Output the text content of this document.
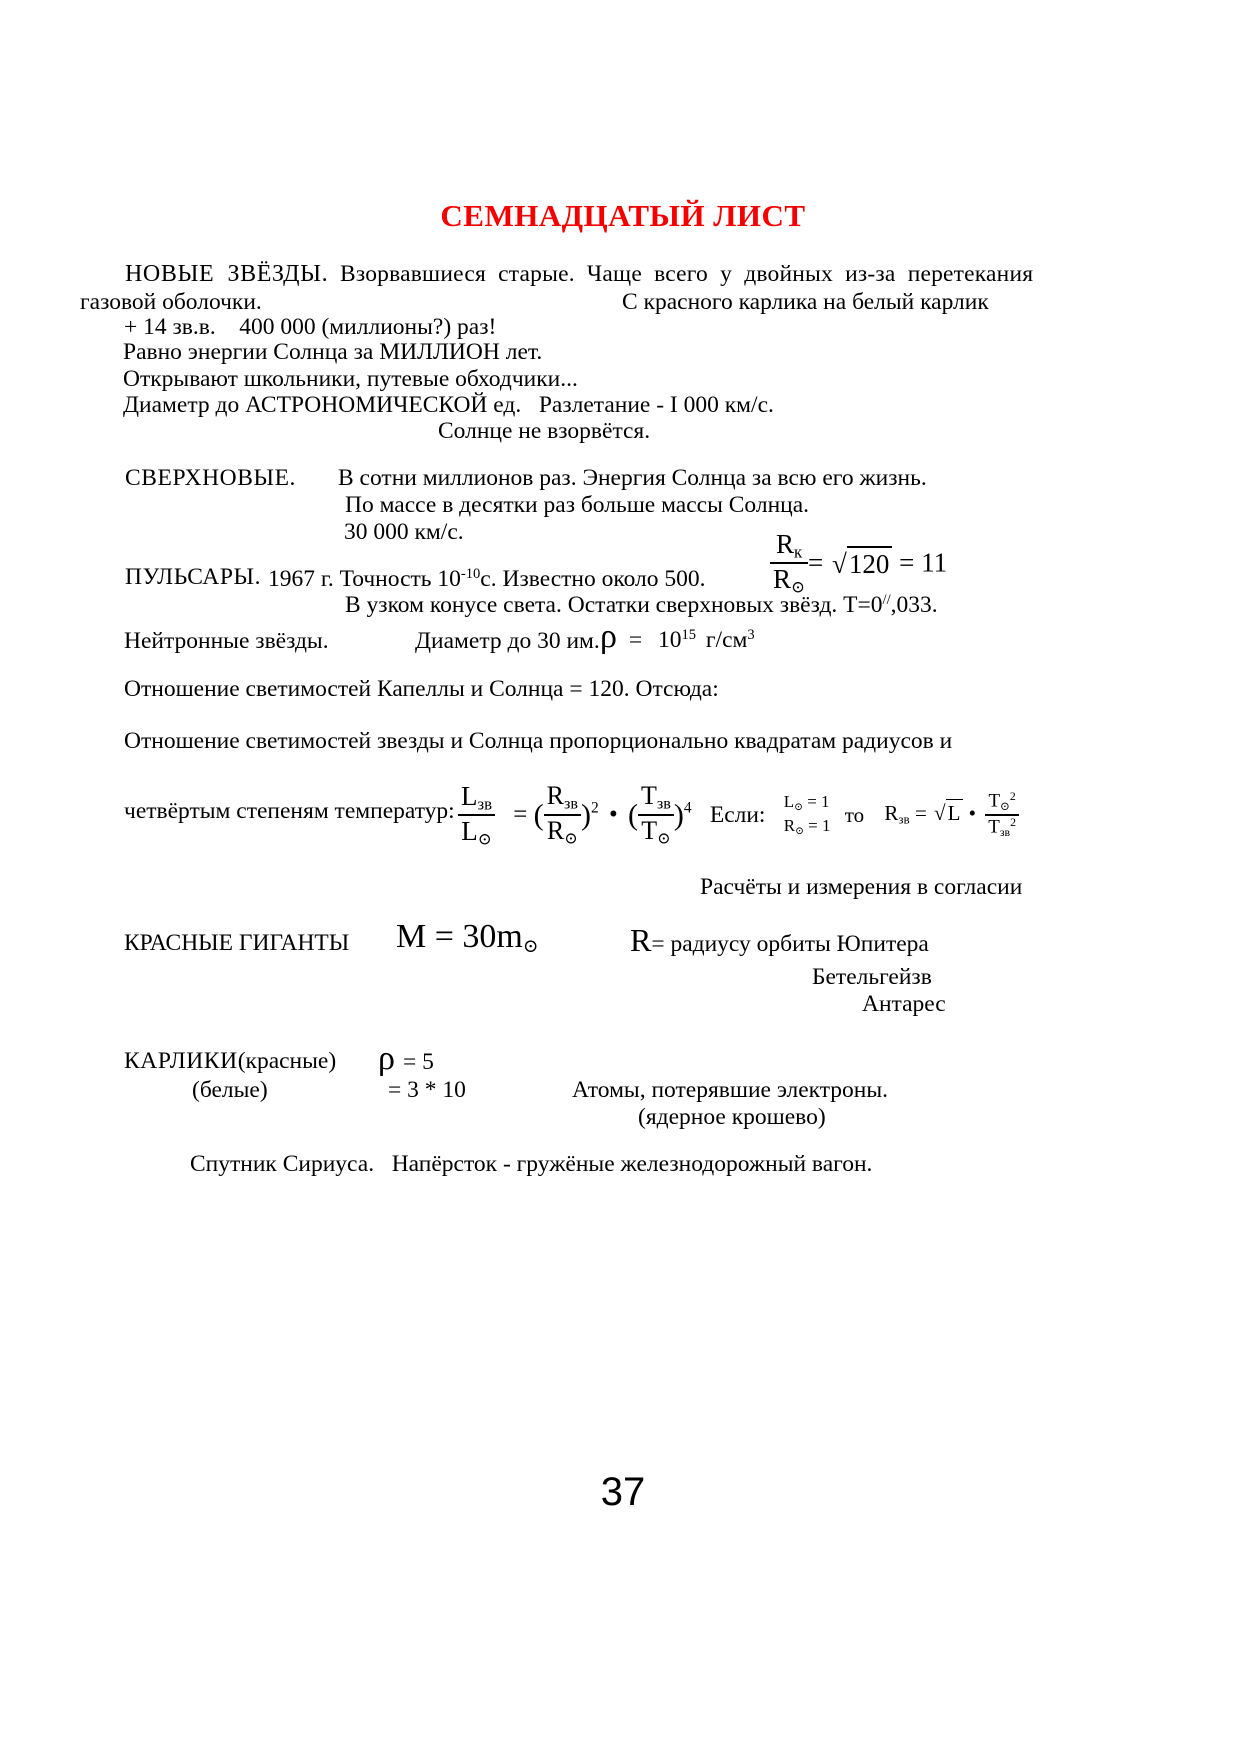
СЕМНАДЦАТЫЙ ЛИСТ
НОВЫЕ  ЗВЁЗДЫ. Взорвавшиеся  старые.  Чаще  всего  у  двойных  из-за  перетекания
газовой оболочки.	С красного карлика на белый карлик
+ 14 зв.в.    400 000 (миллионы?) раз!
Равно энергии Солнца за МИЛЛИОН лет.
Открывают школьники, путевые обходчики...
Диаметр до АСТРОНОМИЧЕСКОЙ ед.   Разлетание - I 000 км/с.
Солнце не взорвётся.
СВЕРХНОВЫЕ. В сотни миллионов раз. Энергия Солнца за всю его жизнь.
По массе в десятки раз больше массы Солнца.
30 000 км/с.
ПУЛЬСАРЫ. 1967 г. Точность $10^{-10}с$. Известно около 500.
В узком конусе света. Остатки сверхновых звёзд. T=0//,033.
$\frac{R_к}{R_⊙} = √120 = 11$
Нейтронные звёзды.	Диаметр до 30 им. $\rho = 10^{15}$ $г/см^3$
Отношение светимостей Капеллы и Солнца = 120. Отсюда:
Отношение светимостей звезды и Солнца пропорционально квадратам радиусов и
четвёртым степеням температур: $\frac{L_{зв}}{L_⊙}$ = ( $\frac{R_{зв}}{R_⊙} )^2$ • ( $\frac{T_{зв}}{T_⊙} )^4$ Если:
$L_⊙ = 1$
$R_⊙ = 1$ то $R_{зв} = √L$ • $\frac{T_⊙^2}{T_{зв}^2}$
Расчёты и измерения в согласии
КРАСНЫЕ ГИГАНТЫ $M = 30m_⊙$	R= радиусу орбиты Юпитера
Бетельгейзв
Антарес
КАРЛИКИ(красные) ρ = 5
(белые)	= 3 * 10	Атомы, потерявшие электроны.
(ядерное крошево)
Спутник Сириуса.   Напёрсток - гружёные железнодорожный вагон.
37
